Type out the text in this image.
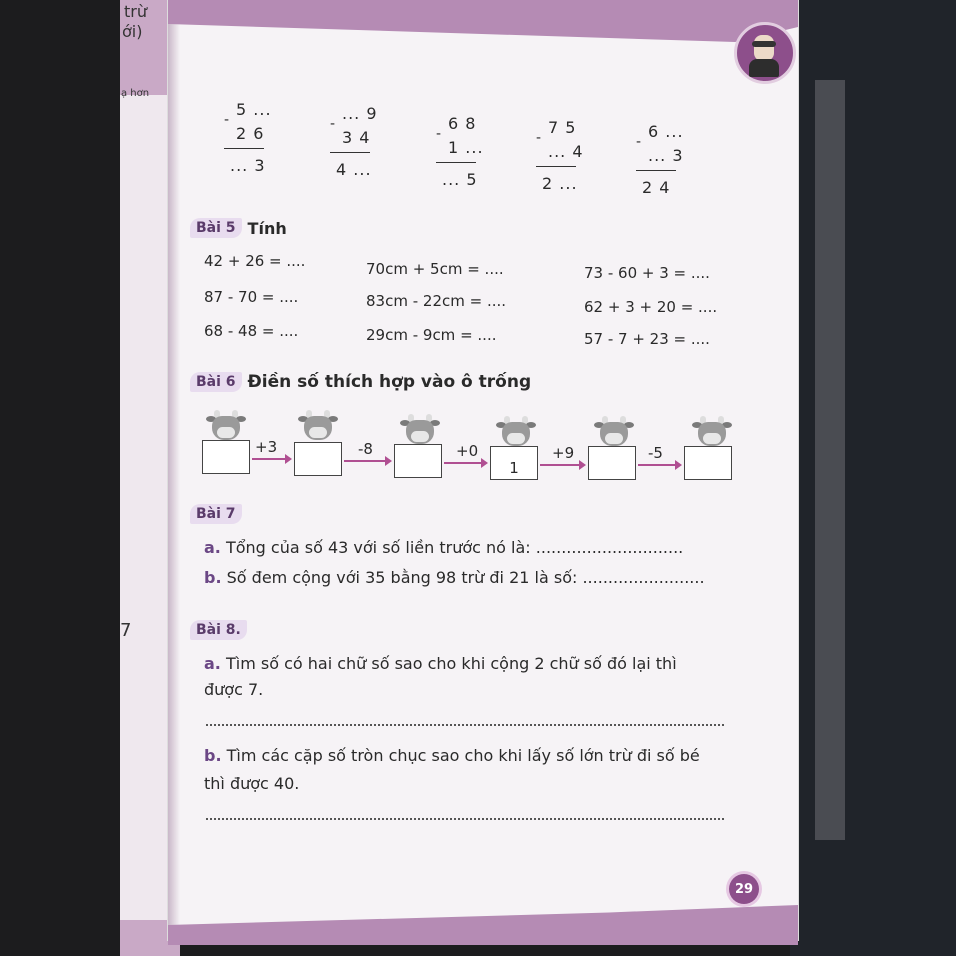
trừ
ới)
ạ hơn
7
5 ...
-
2 6
... 3
... 9
-
3 4
4 ...
6 8
-
1 ...
... 5
7 5
-
... 4
2 ...
6 ...
-
... 3
2 4
Bài 5 Tính
42 + 26 = ....
87 - 70 = ....
68 - 48 = ....
70cm + 5cm = ....
83cm - 22cm = ....
29cm - 9cm = ....
73 - 60 + 3 = ....
62 + 3 + 20 = ....
57 - 7 + 23 = ....
Bài 6 Điền số thích hợp vào ô trống
1
+3	-8	+0	+9	-5
Bài 7
a. Tổng của số 43 với số liền trước nó là: .............................
b. Số đem cộng với 35 bằng 98 trừ đi 21 là số: ........................
Bài 8.
a. Tìm số có hai chữ số sao cho khi cộng 2 chữ số đó lại thì
được 7.
b. Tìm các cặp số tròn chục sao cho khi lấy số lớn trừ đi số bé
thì được 40.
29
